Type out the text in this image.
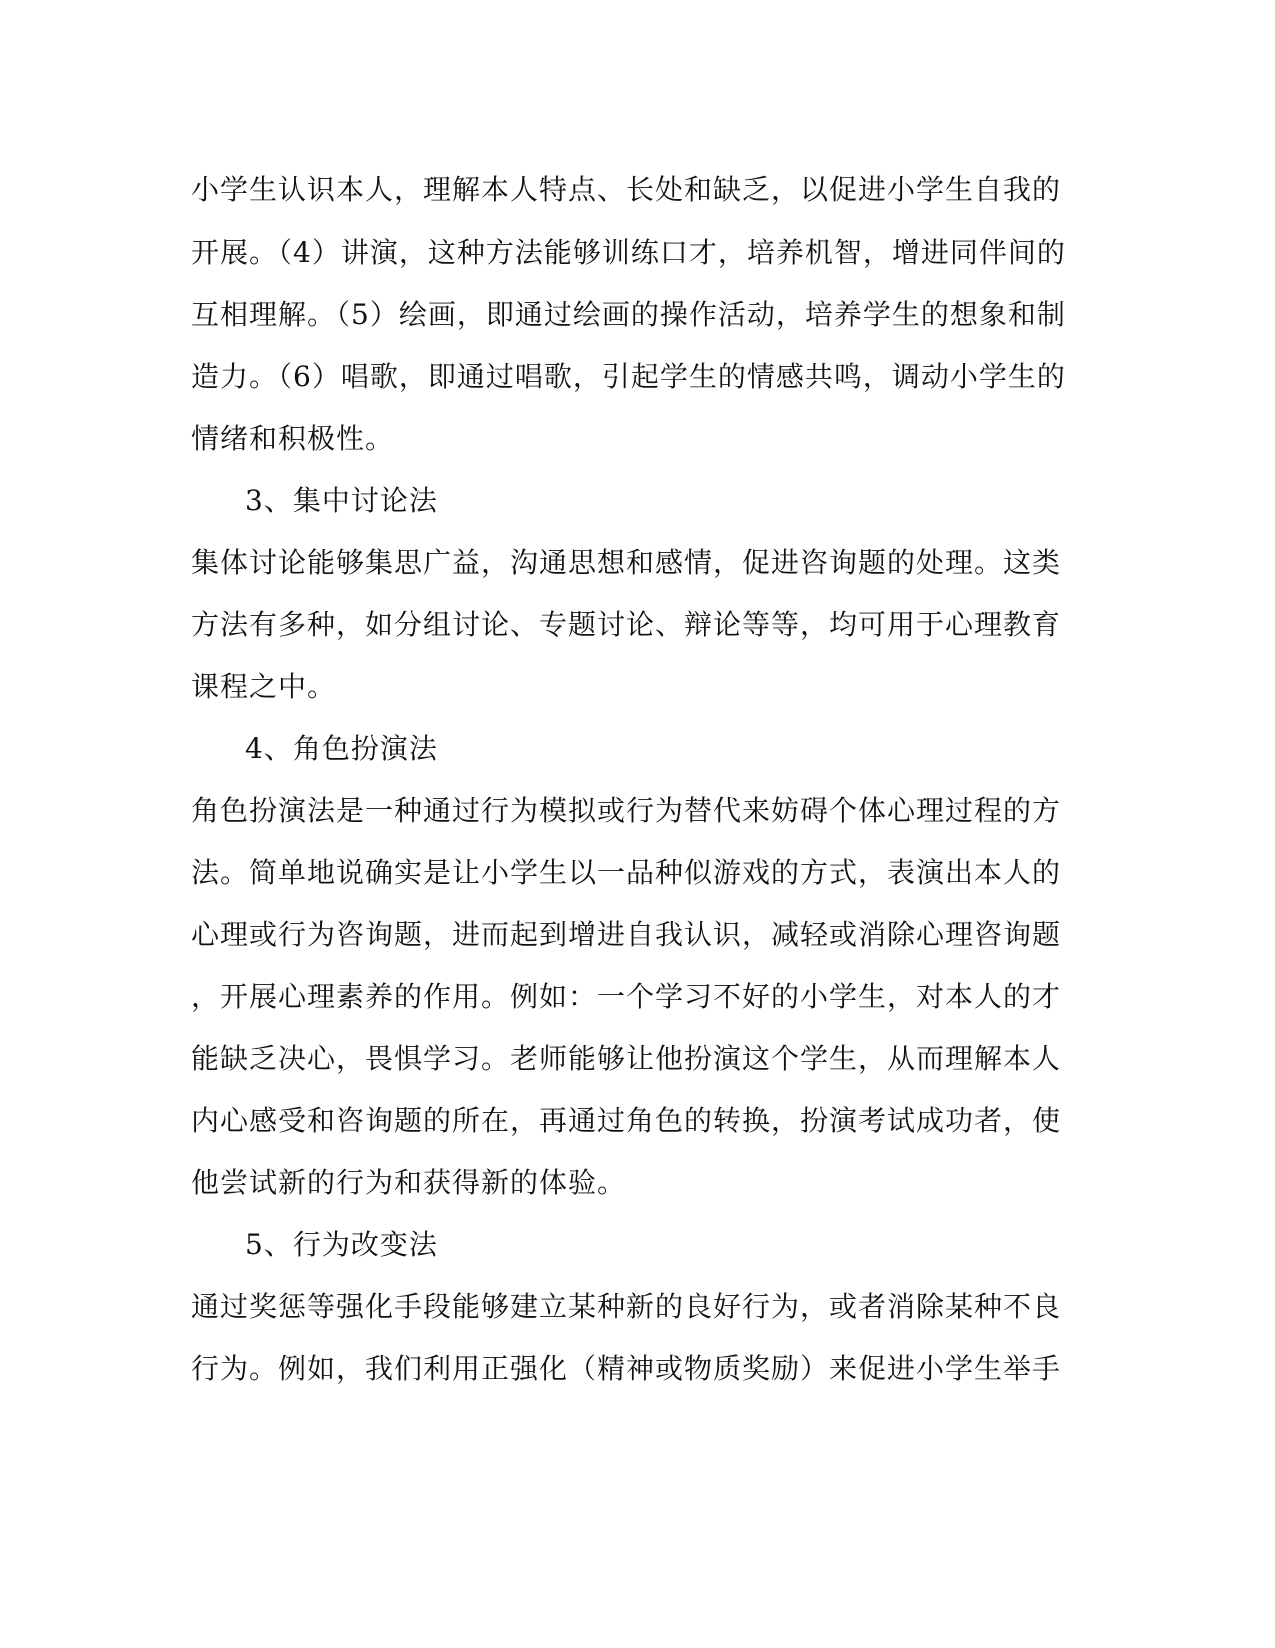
小学生认识本人，理解本人特点、长处和缺乏，以促进小学生自我的
开展。（4）讲演，这种方法能够训练口才，培养机智，增进同伴间的
互相理解。（5）绘画，即通过绘画的操作活动，培养学生的想象和制
造力。（6）唱歌，即通过唱歌，引起学生的情感共鸣，调动小学生的
情绪和积极性。
3、集中讨论法
集体讨论能够集思广益，沟通思想和感情，促进咨询题的处理。这类
方法有多种，如分组讨论、专题讨论、辩论等等，均可用于心理教育
课程之中。
4、角色扮演法
角色扮演法是一种通过行为模拟或行为替代来妨碍个体心理过程的方
法。简单地说确实是让小学生以一品种似游戏的方式，表演出本人的
心理或行为咨询题，进而起到增进自我认识，减轻或消除心理咨询题
，开展心理素养的作用。例如：一个学习不好的小学生，对本人的才
能缺乏决心，畏惧学习。老师能够让他扮演这个学生，从而理解本人
内心感受和咨询题的所在，再通过角色的转换，扮演考试成功者，使
他尝试新的行为和获得新的体验。
5、行为改变法
通过奖惩等强化手段能够建立某种新的良好行为，或者消除某种不良
行为。例如，我们利用正强化（精神或物质奖励）来促进小学生举手
